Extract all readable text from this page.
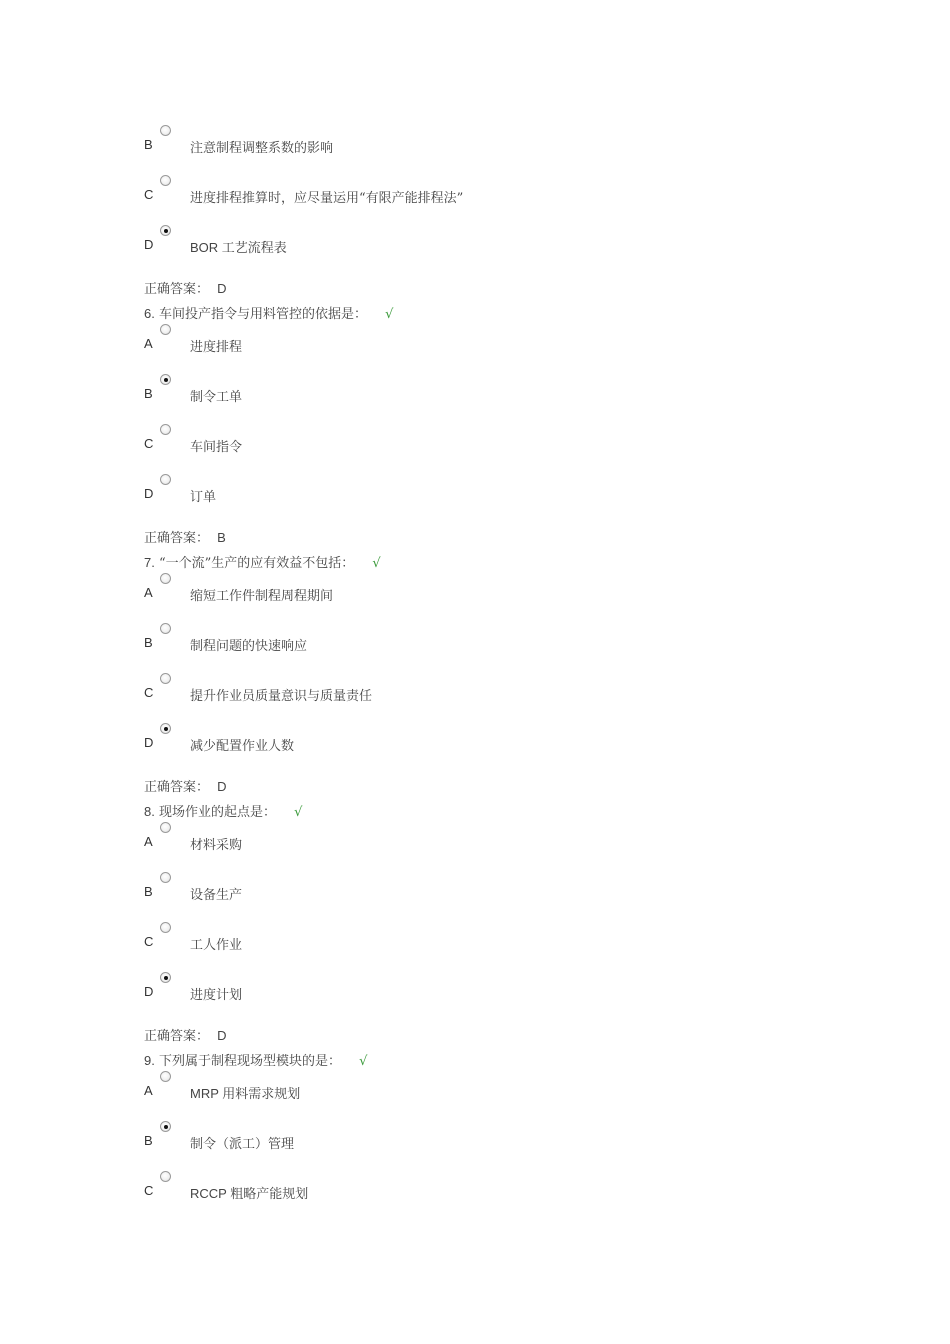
B	注意制程调整系数的影响
C	进度排程推算时，应尽量运用“有限产能排程法”
D	BOR 工艺流程表
正确答案： D
6. 车间投产指令与用料管控的依据是： √
A	进度排程
B	制令工单
C	车间指令
D	订单
正确答案： B
7. “一个流”生产的应有效益不包括： √
A	缩短工作件制程周程期间
B	制程问题的快速响应
C	提升作业员质量意识与质量责任
D	减少配置作业人数
正确答案： D
8. 现场作业的起点是： √
A	材料采购
B	设备生产
C	工人作业
D	进度计划
正确答案： D
9. 下列属于制程现场型模块的是： √
A	MRP 用料需求规划
B	制令（派工）管理
C	RCCP 粗略产能规划
